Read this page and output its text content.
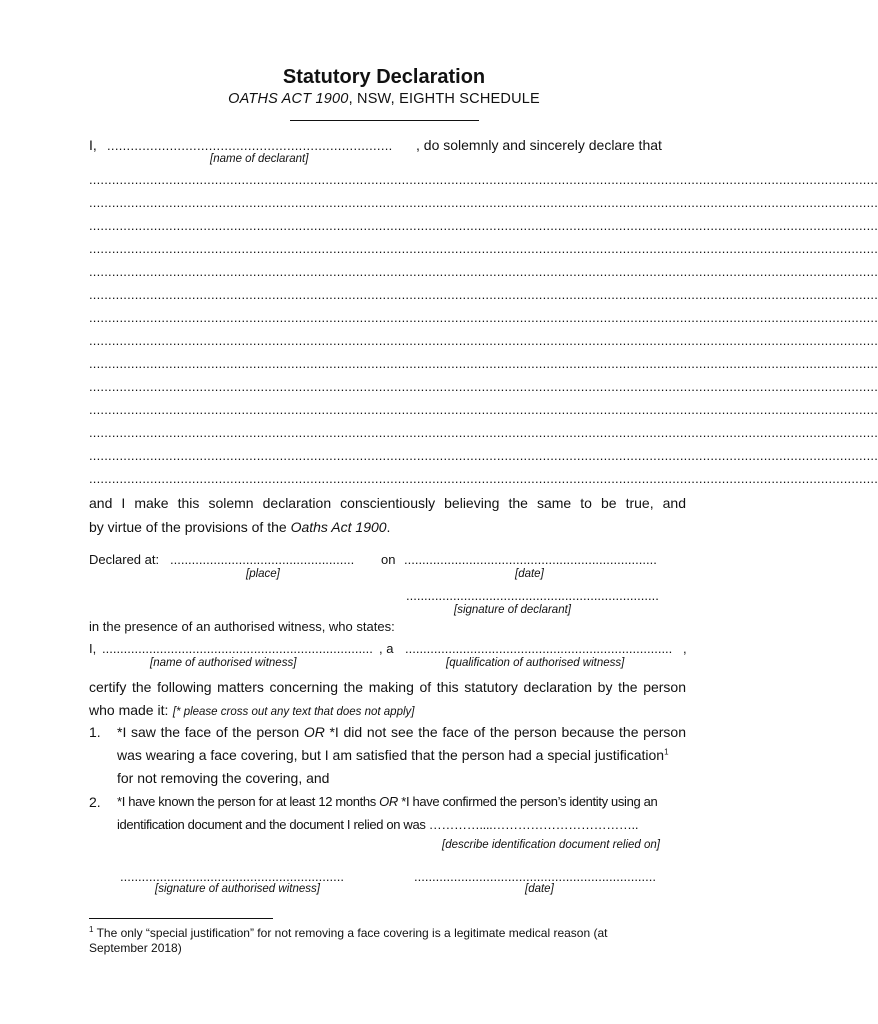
Statutory Declaration
OATHS ACT 1900, NSW, EIGHTH SCHEDULE
I, ......................................................................... , do solemnly and sincerely declare that
[name of declarant]
...............................................................................................................................................................................................................
...............................................................................................................................................................................................................
...............................................................................................................................................................................................................
...............................................................................................................................................................................................................
...............................................................................................................................................................................................................
...............................................................................................................................................................................................................
...............................................................................................................................................................................................................
...............................................................................................................................................................................................................
...............................................................................................................................................................................................................
...............................................................................................................................................................................................................
...............................................................................................................................................................................................................
...............................................................................................................................................................................................................
...............................................................................................................................................................................................................
...............................................................................................................................................................................................................
and I make this solemn declaration conscientiously believing the same to be true, and
by virtue of the provisions of the Oaths Act 1900.
Declared at: ................................................... on ......................................................................
[place]	[date]
......................................................................
[signature of declarant]
in the presence of an authorised witness, who states:
I, ........................................................................... , a .......................................................................... ,
[name of authorised witness]	[qualification of authorised witness]
certify the following matters concerning the making of this statutory declaration by the person
who made it: [* please cross out any text that does not apply]
1. *I saw the face of the person OR *I did not see the face of the person because the person
was wearing a face covering, but I am satisfied that the person had a special justification$^1$
for not removing the covering, and
2. *I have known the person for at least 12 months OR *I have confirmed the person’s identity using an
identification document and the document I relied on was …………....……………………………..
[describe identification document relied on]
..............................................................	...................................................................
[signature of authorised witness]	[date]
$^1$ The only “special justification” for not removing a face covering is a legitimate medical reason (at
September 2018)
